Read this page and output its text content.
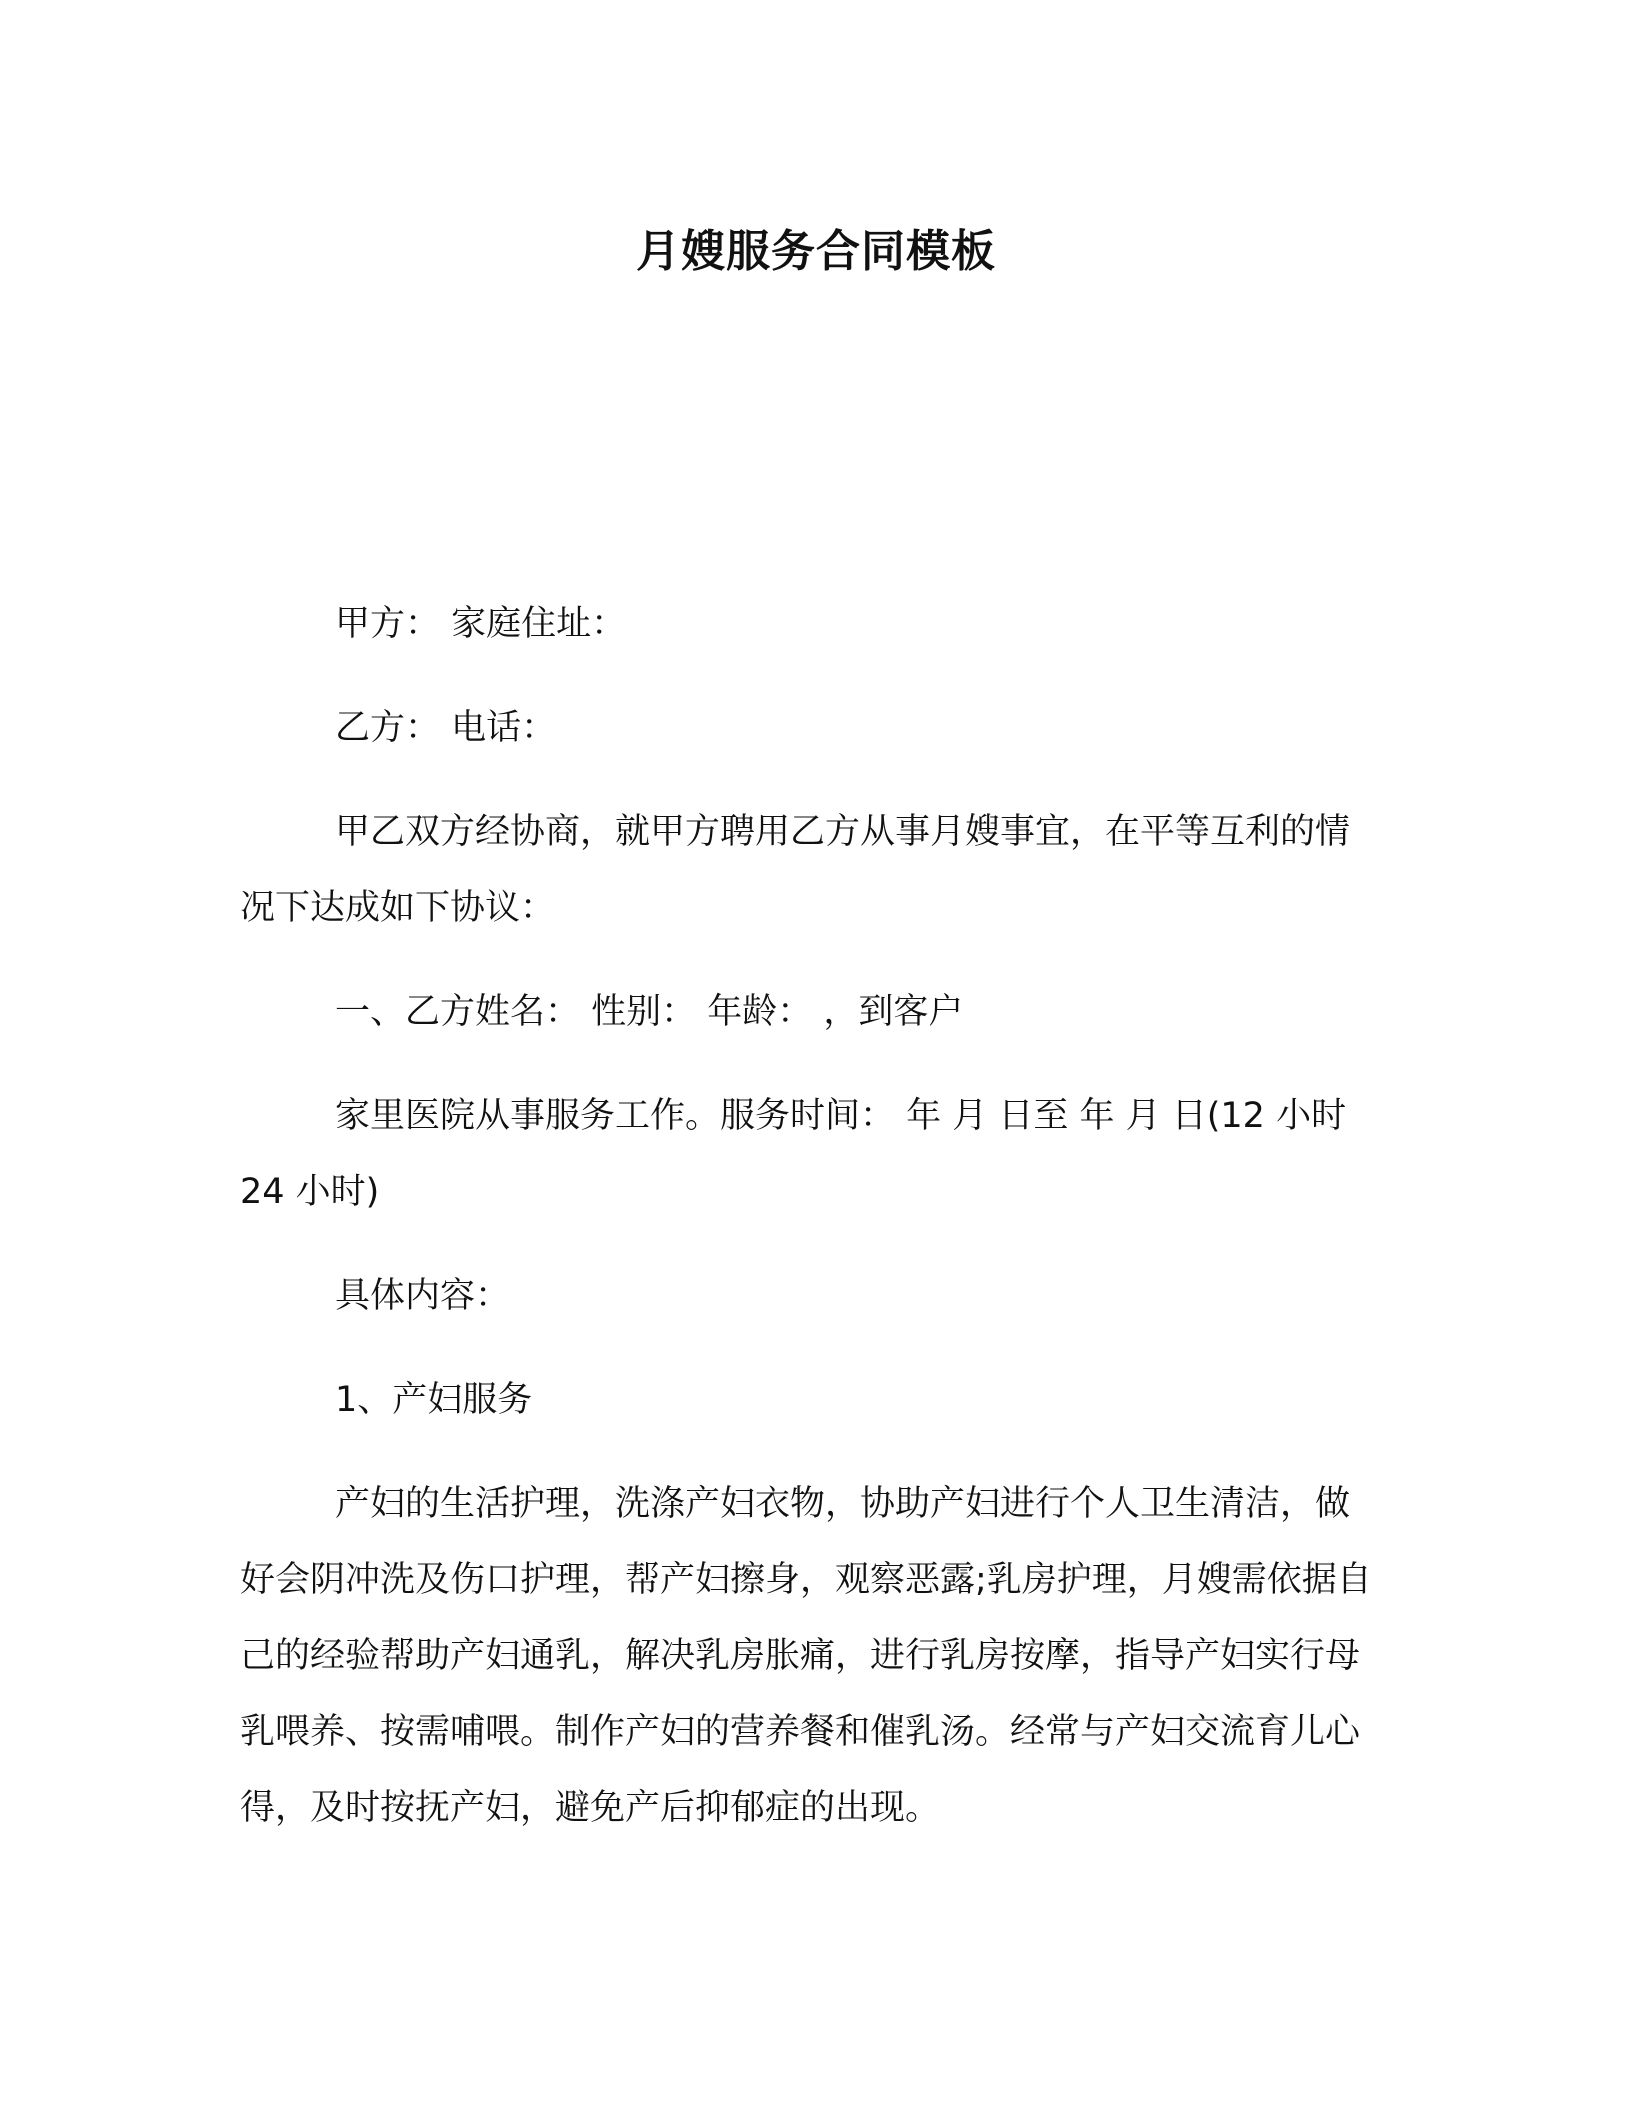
月嫂服务合同模板

甲方： 家庭住址：

乙方： 电话：

甲乙双方经协商，就甲方聘用乙方从事月嫂事宜，在平等互利的情况下达成如下协议：

一、乙方姓名： 性别： 年龄： ，到客户

家里医院从事服务工作。服务时间： 年 月 日至 年 月 日(12 小时 24 小时)

具体内容：

1、产妇服务

产妇的生活护理，洗涤产妇衣物，协助产妇进行个人卫生清洁，做好会阴冲洗及伤口护理，帮产妇擦身，观察恶露;乳房护理，月嫂需依据自己的经验帮助产妇通乳，解决乳房胀痛，进行乳房按摩，指导产妇实行母乳喂养、按需哺喂。制作产妇的营养餐和催乳汤。经常与产妇交流育儿心得，及时按抚产妇，避免产后抑郁症的出现。
